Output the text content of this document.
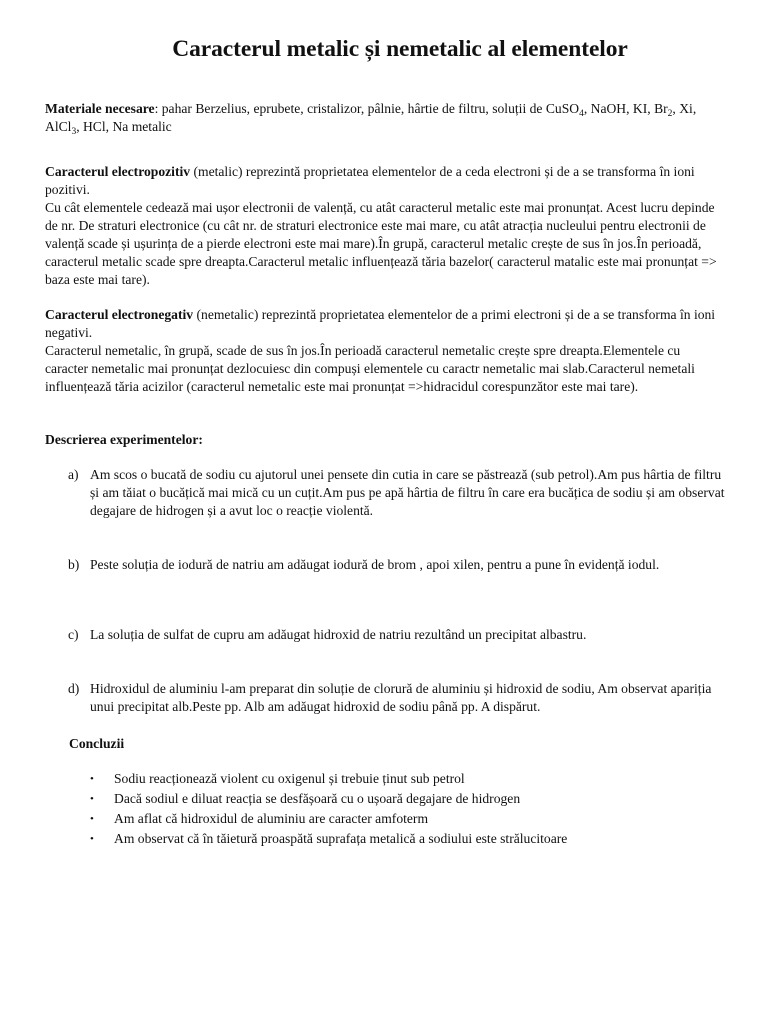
Caracterul metalic și nemetalic al elementelor

Materiale necesare: pahar Berzelius, eprubete, cristalizor, pâlnie, hârtie de filtru, soluții de CuSO$_4$, NaOH, KI, $Br_2$, Xi, AlCl$_3$, HCl, Na metalic

Caracterul electropozitiv (metalic) reprezintă proprietatea elementelor de a ceda electroni și de a se transforma în ioni pozitivi.

Cu cât elementele cedează mai ușor electronii de valență, cu atât caracterul metalic este mai pronunțat. Acest lucru depinde de nr. De straturi electronice (cu cât nr. de straturi electronice este mai mare, cu atât atracția nucleului pentru electronii de valență scade și ușurința de a pierde electroni este mai mare).În grupă, caracterul metalic crește de sus în jos.În perioadă, caracterul metalic scade spre dreapta.Caracterul metalic influențează tăria bazelor( caracterul matalic este mai pronunțat => baza este mai tare).

Caracterul electronegativ (nemetalic) reprezintă proprietatea elementelor de a primi electroni și de a se transforma în ioni negativi.

Caracterul nemetalic, în grupă, scade de sus în jos.În perioadă caracterul nemetalic crește spre dreapta.Elementele cu caracter nemetalic mai pronunțat dezlocuiesc din compuși elementele cu caractr nemetalic mai slab.Caracterul nemetali influențează tăria acizilor (caracterul nemetalic este mai pronunțat =>hidracidul corespunzător este mai tare).

Descrierea experimentelor:

a) Am scos o bucată de sodiu cu ajutorul unei pensete din cutia in care se păstrează (sub petrol).Am pus hârtia de filtru și am tăiat o bucățică mai mică cu un cuțit.Am pus pe apă hârtia de filtru în care era bucățica de sodiu și am observat degajare de hidrogen și a avut loc o reacție violentă.
b) Peste soluția de iodură de natriu am adăugat iodură de brom , apoi xilen, pentru a pune în evidență iodul.
c) La soluția de sulfat de cupru am adăugat hidroxid de natriu rezultând un precipitat albastru.
d) Hidroxidul de aluminiu l-am preparat din soluție de clorură de aluminiu și hidroxid de sodiu, Am observat apariția unui precipitat alb.Peste pp. Alb am adăugat hidroxid de sodiu până pp. A dispărut.
Concluzii
• Sodiu reacționează violent cu oxigenul și trebuie ținut sub petrol
• Dacă sodiul e diluat reacția se desfășoară cu o ușoară degajare de hidrogen
• Am aflat că hidroxidul de aluminiu are caracter amfoterm
• Am observat că în tăietură proaspătă suprafața metalică a sodiului este strălucitoare
